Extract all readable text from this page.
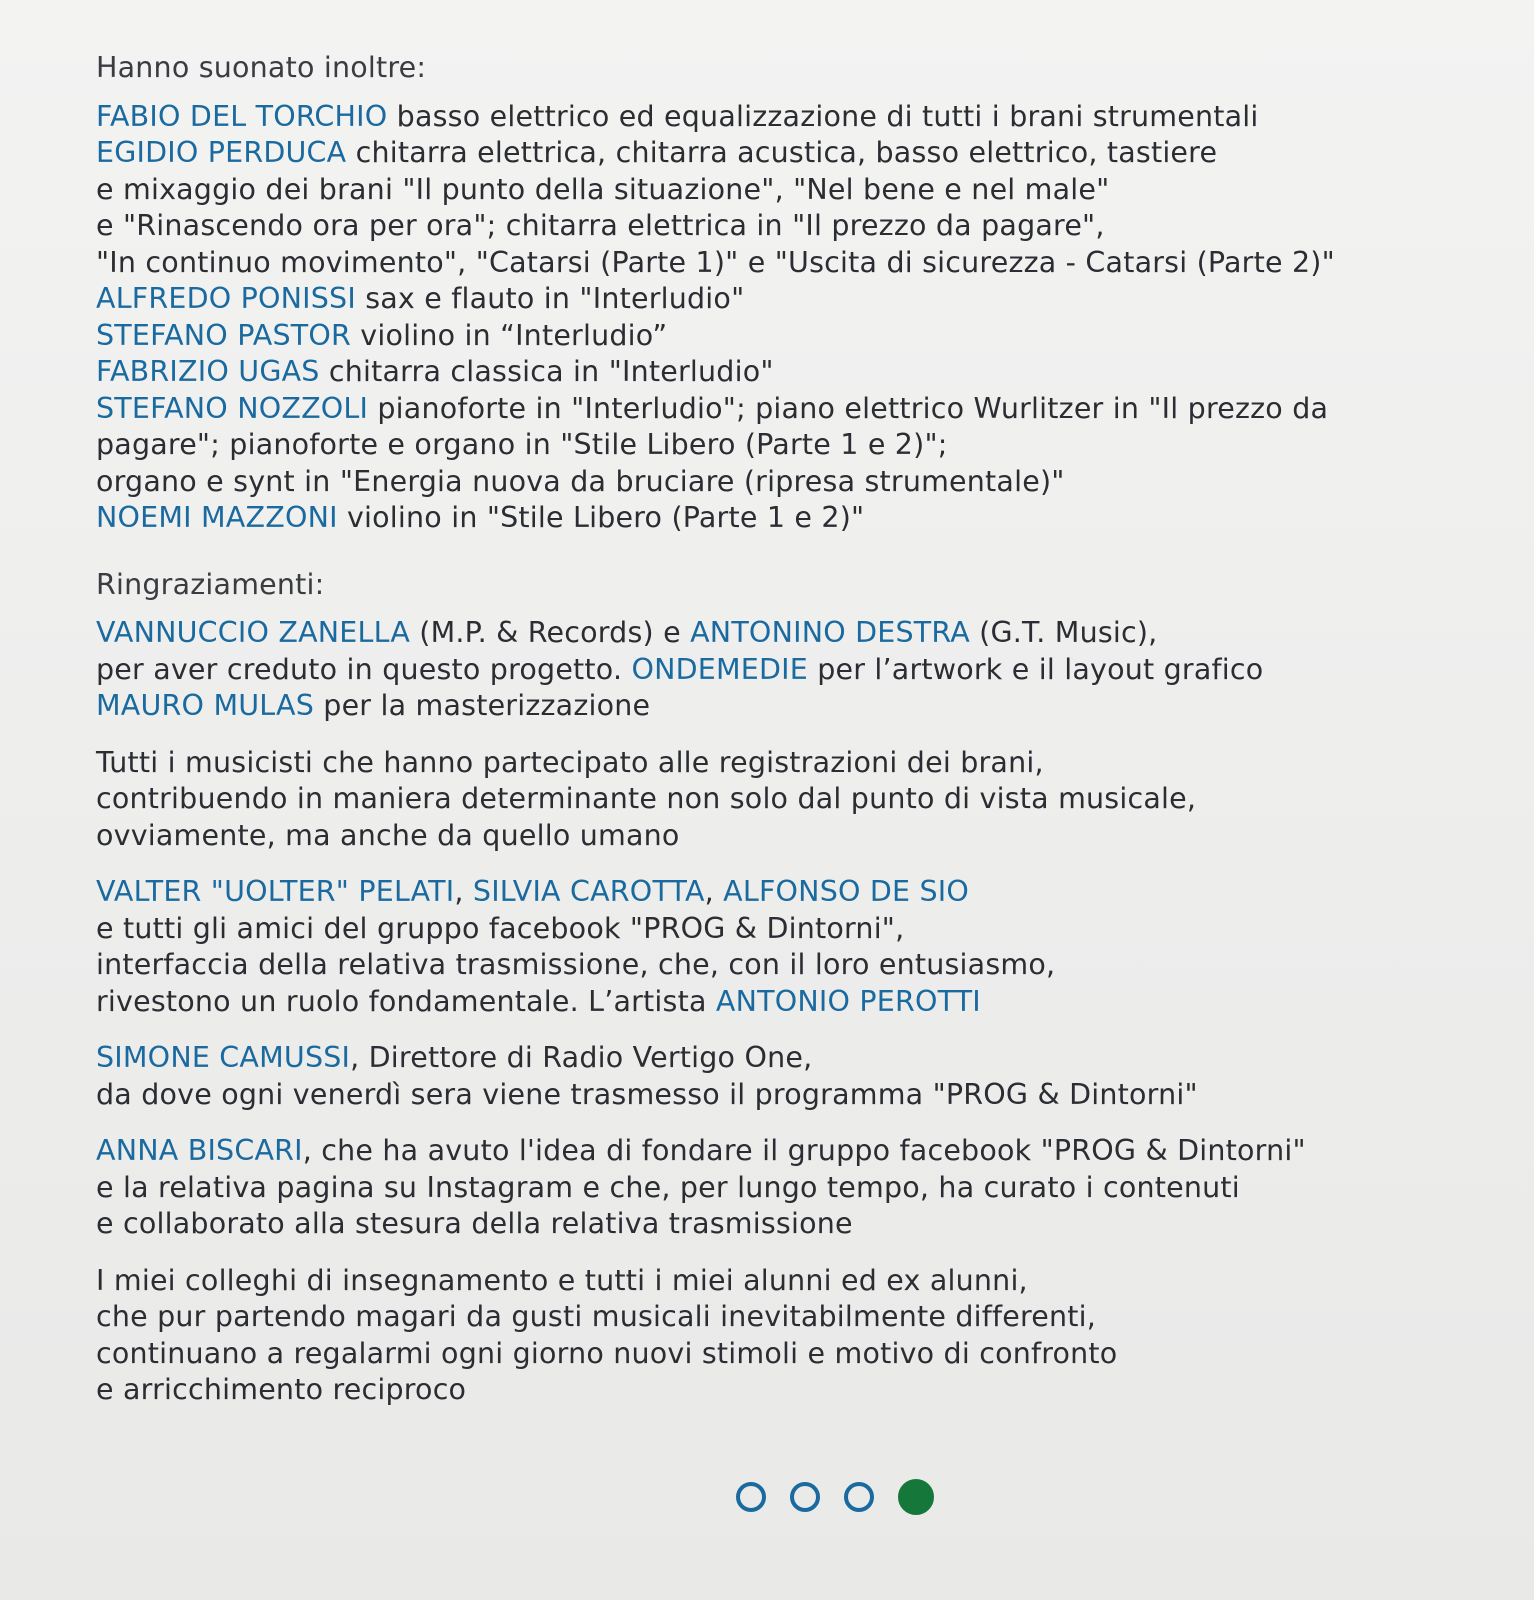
Hanno suonato inoltre:
FABIO DEL TORCHIO basso elettrico ed equalizzazione di tutti i brani strumentali
EGIDIO PERDUCA chitarra elettrica, chitarra acustica, basso elettrico, tastiere
e mixaggio dei brani "Il punto della situazione", "Nel bene e nel male"
e "Rinascendo ora per ora"; chitarra elettrica in "Il prezzo da pagare",
"In continuo movimento", "Catarsi (Parte 1)" e "Uscita di sicurezza - Catarsi (Parte 2)"
ALFREDO PONISSI sax e flauto in "Interludio"
STEFANO PASTOR violino in “Interludio”
FABRIZIO UGAS chitarra classica in "Interludio"
STEFANO NOZZOLI pianoforte in "Interludio"; piano elettrico Wurlitzer in "Il prezzo da
pagare"; pianoforte e organo in "Stile Libero (Parte 1 e 2)";
organo e synt in "Energia nuova da bruciare (ripresa strumentale)"
NOEMI MAZZONI violino in "Stile Libero (Parte 1 e 2)"
Ringraziamenti:
VANNUCCIO ZANELLA (M.P. & Records) e ANTONINO DESTRA (G.T. Music),
per aver creduto in questo progetto. ONDEMEDIE per l’artwork e il layout grafico
MAURO MULAS per la masterizzazione
Tutti i musicisti che hanno partecipato alle registrazioni dei brani,
contribuendo in maniera determinante non solo dal punto di vista musicale,
ovviamente, ma anche da quello umano
VALTER "UOLTER" PELATI, SILVIA CAROTTA, ALFONSO DE SIO
e tutti gli amici del gruppo facebook "PROG & Dintorni",
interfaccia della relativa trasmissione, che, con il loro entusiasmo,
rivestono un ruolo fondamentale. L’artista ANTONIO PEROTTI
SIMONE CAMUSSI, Direttore di Radio Vertigo One,
da dove ogni venerdì sera viene trasmesso il programma "PROG & Dintorni"
ANNA BISCARI, che ha avuto l'idea di fondare il gruppo facebook "PROG & Dintorni"
e la relativa pagina su Instagram e che, per lungo tempo, ha curato i contenuti
e collaborato alla stesura della relativa trasmissione
I miei colleghi di insegnamento e tutti i miei alunni ed ex alunni,
che pur partendo magari da gusti musicali inevitabilmente differenti,
continuano a regalarmi ogni giorno nuovi stimoli e motivo di confronto
e arricchimento reciproco
